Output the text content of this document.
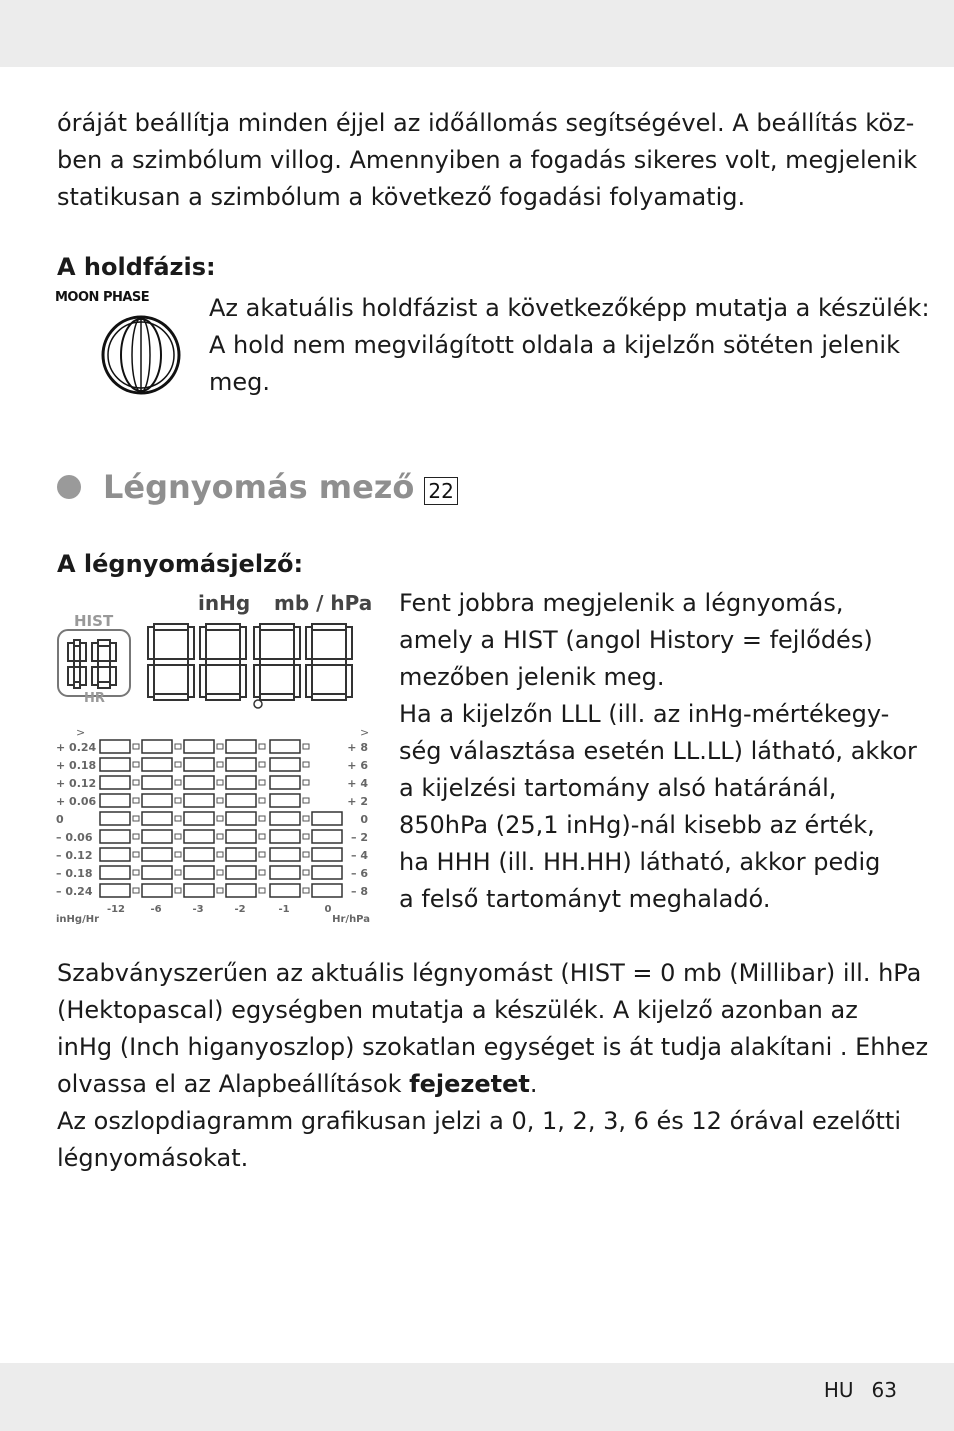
óráját beállítja minden éjjel az időállomás segítségével. A beállítás köz-
ben a szimbólum villog. Amennyiben a fogadás sikeres volt, megjelenik
statikusan a szimbólum a következő fogadási folyamatig.
A holdfázis:
MOON PHASE	Az akatuális holdfázist a következőképp mutatja a készülék:
A hold nem megvilágított oldala a kijelzőn sötéten jelenik
meg.
Légnyomás mező 22
A légnyomásjelző:
HIST
HR
inHg mb / hPa
+ 0.24
+ 0.18
+ 0.12
+ 0.06
0
– 0.06
– 0.12
– 0.18
– 0.24
+ 8
+ 6
+ 4
+ 2
0
– 2
– 4
– 6
– 8
-12	-6	-3	-2	-1	0
inHg/Hr	Hr/hPa
>	>
Fent jobbra megjelenik a légnyomás,
amely a HIST (angol History = fejlődés)
mezőben jelenik meg.
Ha a kijelzőn LLL (ill. az inHg-mértékegy-
ség választása esetén LL.LL) látható, akkor
a kijelzési tartomány alsó határánál,
850hPa (25,1 inHg)-nál kisebb az érték,
ha HHH (ill. HH.HH) látható, akkor pedig
a felső tartományt meghaladó.
Szabványszerűen az aktuális légnyomást (HIST = 0 mb (Millibar) ill. hPa
(Hektopascal) egységben mutatja a készülék. A kijelző azonban az
inHg (Inch higanyoszlop) szokatlan egységet is át tudja alakítani . Ehhez
olvassa el az Alapbeállítások fejezetet.
Az oszlopdiagramm grafikusan jelzi a 0, 1, 2, 3, 6 és 12 órával ezelőtti
légnyomásokat.
HU 63
